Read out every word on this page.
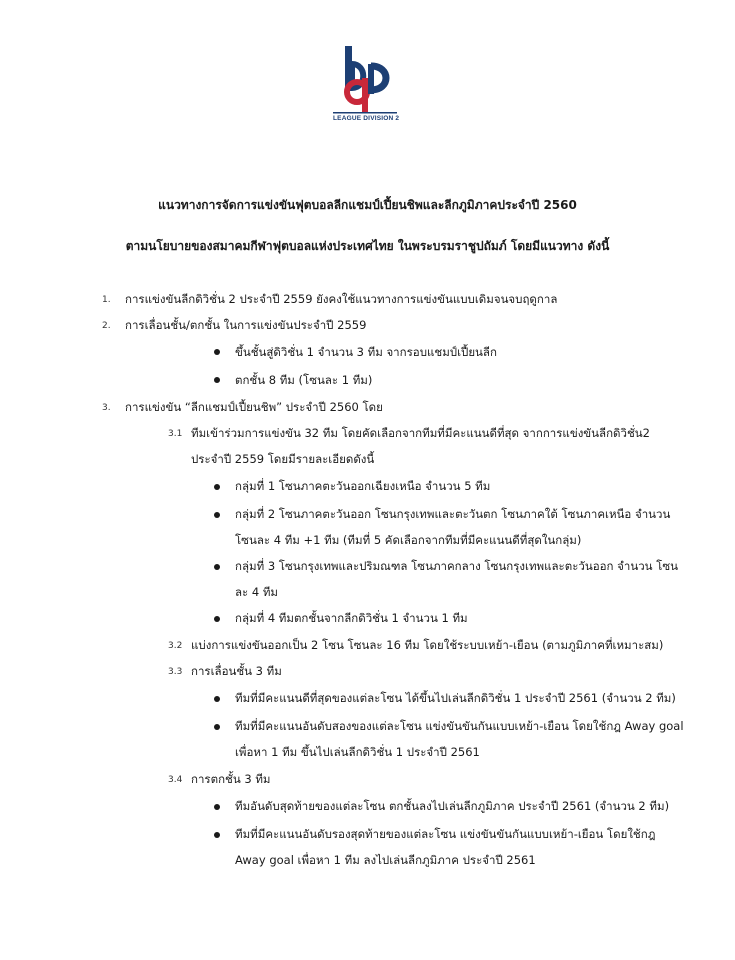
LEAGUE DIVISION 2
แนวทางการจัดการแข่งขันฟุตบอลลีกแชมป์เปี้ยนชิพและลีกภูมิภาคประจำปี 2560
ตามนโยบายของสมาคมกีฬาฟุตบอลแห่งประเทศไทย ในพระบรมราชูปถัมภ์ โดยมีแนวทาง ดังนี้
1. การแข่งขันลีกดิวิชั่น 2 ประจำปี 2559 ยังคงใช้แนวทางการแข่งขันแบบเดิมจนจบฤดูกาล
2. การเลื่อนชั้น/ตกชั้น ในการแข่งขันประจำปี 2559
ขึ้นชั้นสู่ดิวิชั่น 1 จำนวน 3 ทีม จากรอบแชมป์เปี้ยนลีก
ตกชั้น 8 ทีม (โซนละ 1 ทีม)
3. การแข่งขัน “ลีกแชมป์เปี้ยนชิพ” ประจำปี 2560 โดย
3.1 ทีมเข้าร่วมการแข่งขัน 32 ทีม โดยคัดเลือกจากทีมที่มีคะแนนดีที่สุด จากการแข่งขันลีกดิวิชั่น2
ประจำปี 2559 โดยมีรายละเอียดดังนี้
กลุ่มที่ 1 โซนภาคตะวันออกเฉียงเหนือ จำนวน 5 ทีม
กลุ่มที่ 2 โซนภาคตะวันออก โซนกรุงเทพและตะวันตก โซนภาคใต้ โซนภาคเหนือ จำนวน
โซนละ 4 ทีม +1 ทีม (ทีมที่ 5 คัดเลือกจากทีมที่มีคะแนนดีที่สุดในกลุ่ม)
กลุ่มที่ 3 โซนกรุงเทพและปริมณฑล โซนภาคกลาง โซนกรุงเทพและตะวันออก จำนวน โซน
ละ 4 ทีม
กลุ่มที่ 4 ทีมตกชั้นจากลีกดิวิชั่น 1 จำนวน 1 ทีม
3.2 แบ่งการแข่งขันออกเป็น 2 โซน โซนละ 16 ทีม โดยใช้ระบบเหย้า-เยือน (ตามภูมิภาคที่เหมาะสม)
3.3 การเลื่อนชั้น 3 ทีม
ทีมที่มีคะแนนดีที่สุดของแต่ละโซน ได้ขึ้นไปเล่นลีกดิวิชั่น 1 ประจำปี 2561 (จำนวน 2 ทีม)
ทีมที่มีคะแนนอันดับสองของแต่ละโซน แข่งขันขันกันแบบเหย้า-เยือน โดยใช้กฎ Away goal
เพื่อหา 1 ทีม ขึ้นไปเล่นลีกดิวิชั่น 1 ประจำปี 2561
3.4 การตกชั้น 3 ทีม
ทีมอันดับสุดท้ายของแต่ละโซน ตกชั้นลงไปเล่นลีกภูมิภาค ประจำปี 2561 (จำนวน 2 ทีม)
ทีมที่มีคะแนนอันดับรองสุดท้ายของแต่ละโซน แข่งขันขันกันแบบเหย้า-เยือน โดยใช้กฎ
Away goal เพื่อหา 1 ทีม ลงไปเล่นลีกภูมิภาค ประจำปี 2561
